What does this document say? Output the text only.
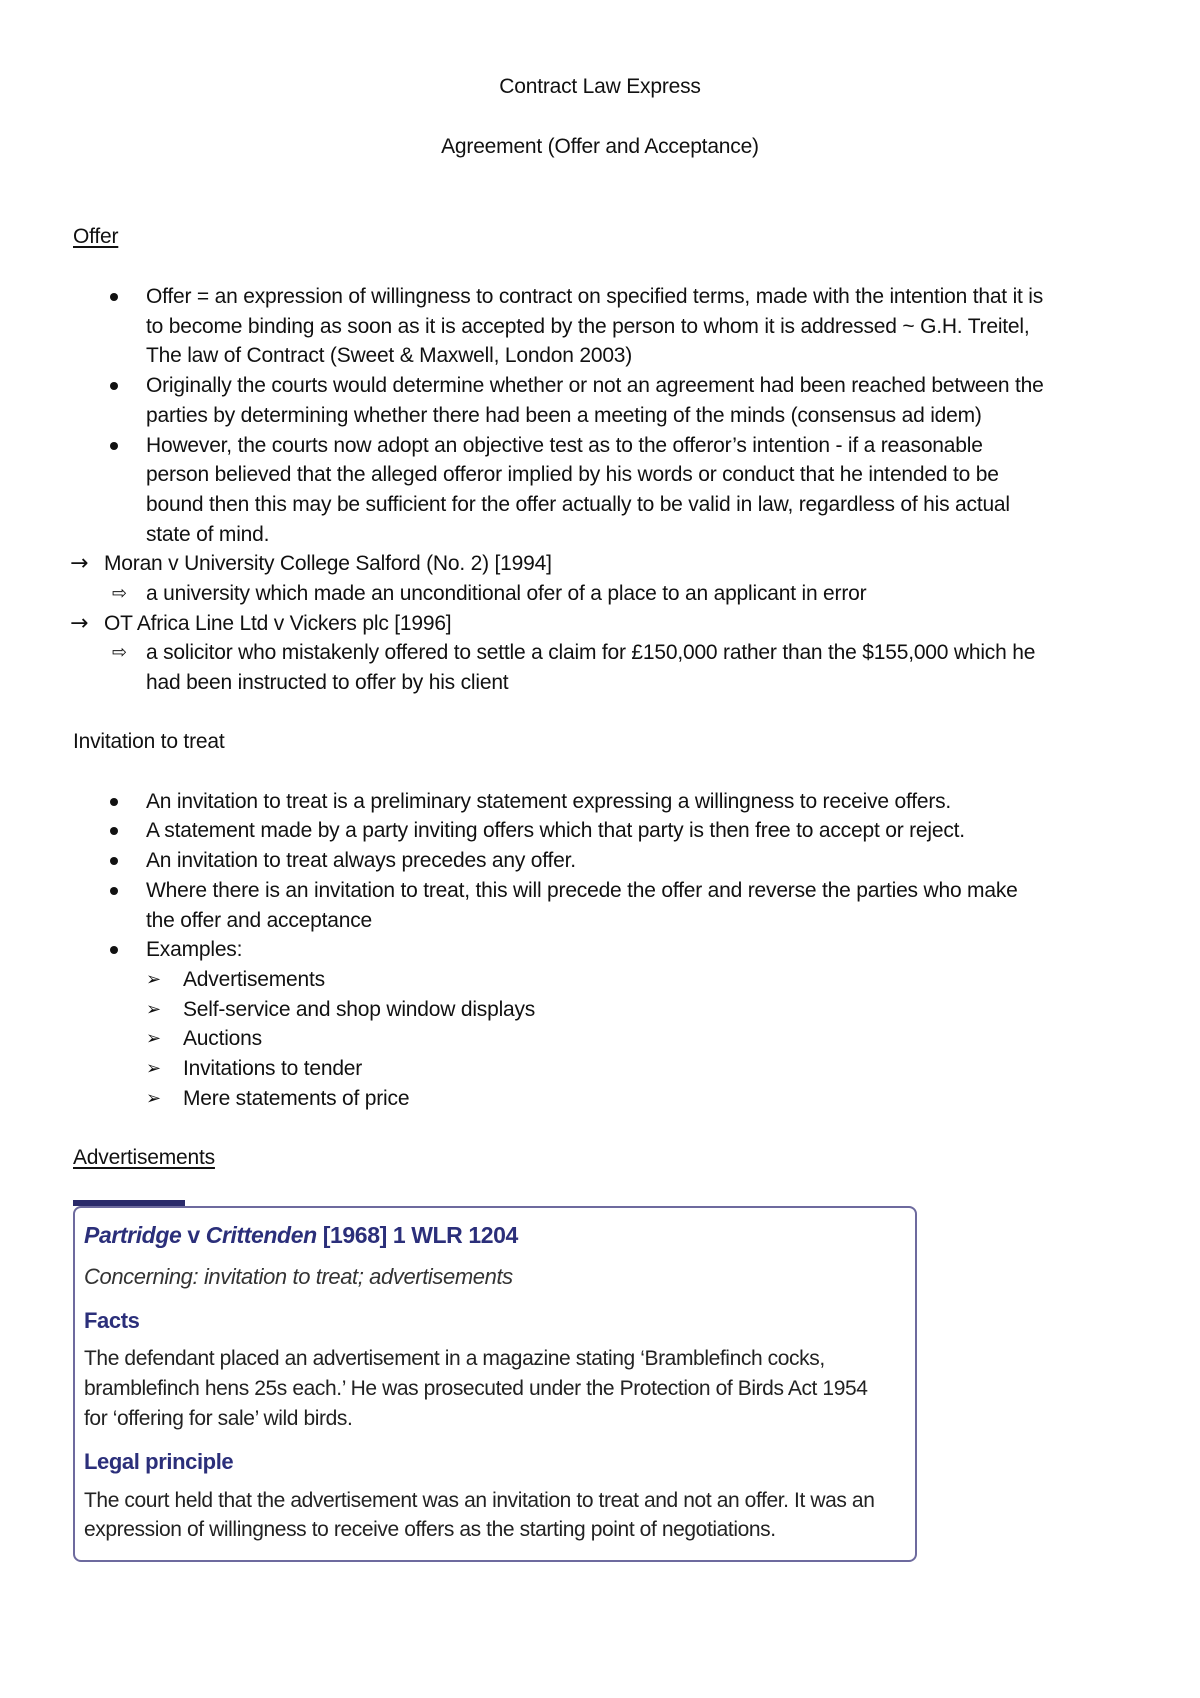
Contract Law Express
Agreement (Offer and Acceptance)
Offer
Offer = an expression of willingness to contract on specified terms, made with the intention that it is
to become binding as soon as it is accepted by the person to whom it is addressed ~ G.H. Treitel,
The law of Contract (Sweet & Maxwell, London 2003)
Originally the courts would determine whether or not an agreement had been reached between the
parties by determining whether there had been a meeting of the minds (consensus ad idem)
However, the courts now adopt an objective test as to the offeror’s intention - if a reasonable
person believed that the alleged offeror implied by his words or conduct that he intended to be
bound then this may be sufficient for the offer actually to be valid in law, regardless of his actual
state of mind.
→ Moran v University College Salford (No. 2) [1994]
⇨ a university which made an unconditional ofer of a place to an applicant in error
→ OT Africa Line Ltd v Vickers plc [1996]
⇨ a solicitor who mistakenly offered to settle a claim for £150,000 rather than the $155,000 which he
had been instructed to offer by his client
Invitation to treat
An invitation to treat is a preliminary statement expressing a willingness to receive offers.
A statement made by a party inviting offers which that party is then free to accept or reject.
An invitation to treat always precedes any offer.
Where there is an invitation to treat, this will precede the offer and reverse the parties who make
the offer and acceptance
Examples:
➢ Advertisements
➢ Self-service and shop window displays
➢ Auctions
➢ Invitations to tender
➢ Mere statements of price
Advertisements
Partridge v Crittenden [1968] 1 WLR 1204
Concerning: invitation to treat; advertisements
Facts
The defendant placed an advertisement in a magazine stating ‘Bramblefinch cocks,
bramblefinch hens 25s each.’ He was prosecuted under the Protection of Birds Act 1954
for ‘offering for sale’ wild birds.
Legal principle
The court held that the advertisement was an invitation to treat and not an offer. It was an
expression of willingness to receive offers as the starting point of negotiations.
